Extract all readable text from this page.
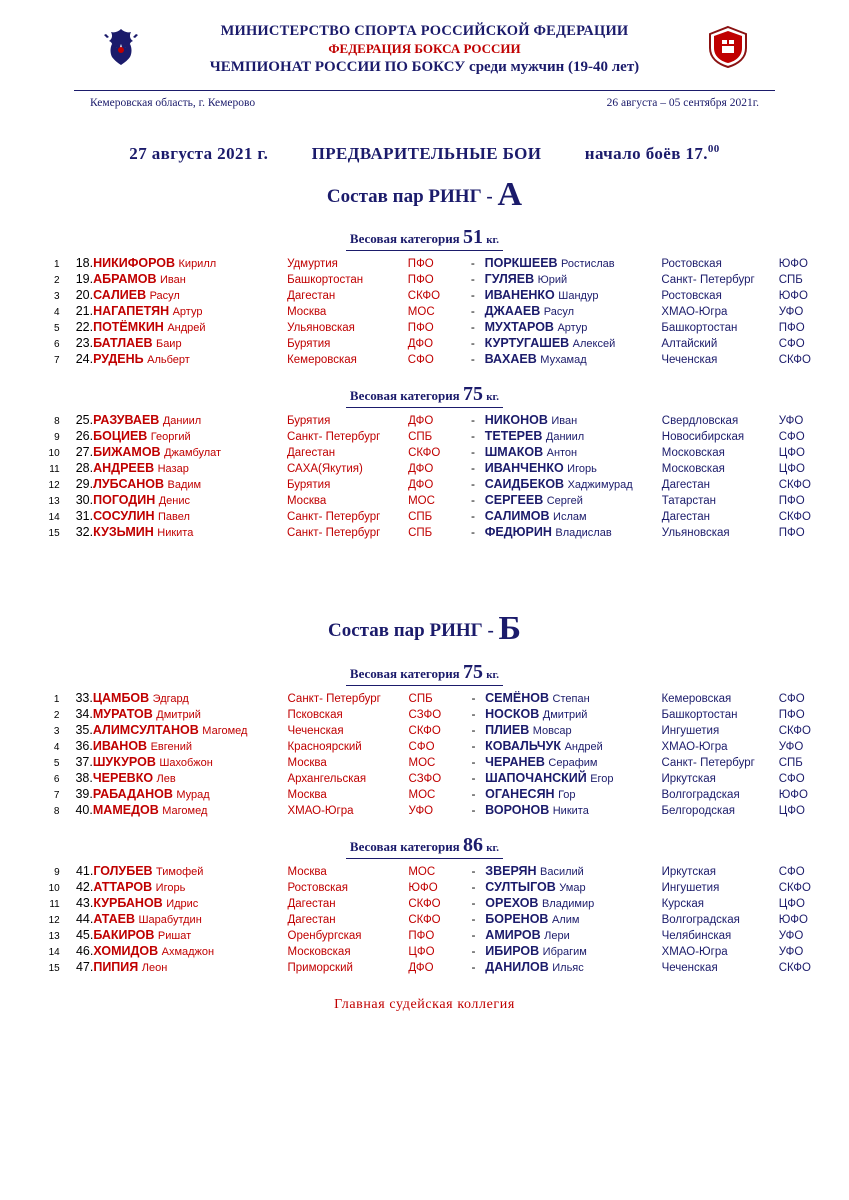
МИНИСТЕРСТВО СПОРТА РОССИЙСКОЙ ФЕДЕРАЦИИ
ФЕДЕРАЦИЯ БОКСА РОССИИ
ЧЕМПИОНАТ РОССИИ ПО БОКСУ среди мужчин (19-40 лет)
Кемеровская область, г. Кемерово	26 августа – 05 сентября 2021г.
27 августа 2021 г.	ПРЕДВАРИТЕЛЬНЫЕ БОИ	начало боёв 17.00
Состав пар РИНГ - А
Весовая категория 51 кг.
1	18.	НИКИФОРОВ Кирилл	Удмуртия	ПФО	-	ПОРКШЕЕВ Ростислав	Ростовская	ЮФО
2	19.	АБРАМОВ Иван	Башкортостан	ПФО	-	ГУЛЯЕВ Юрий	Санкт- Петербург	СПБ
3	20.	САЛИЕВ Расул	Дагестан	СКФО	-	ИВАНЕНКО Шандур	Ростовская	ЮФО
4	21.	НАГАПЕТЯН Артур	Москва	МОС	-	ДЖААЕВ Расул	ХМАО-Югра	УФО
5	22.	ПОТЁМКИН Андрей	Ульяновская	ПФО	-	МУХТАРОВ Артур	Башкортостан	ПФО
6	23.	БАТЛАЕВ Баир	Бурятия	ДФО	-	КУРТУГАШЕВ Алексей	Алтайский	СФО
7	24.	РУДЕНЬ Альберт	Кемеровская	СФО	-	ВАХАЕВ Мухамад	Чеченская	СКФО
Весовая категория 75 кг.
8	25.	РАЗУВАЕВ Даниил	Бурятия	ДФО	-	НИКОНОВ Иван	Свердловская	УФО
9	26.	БОЦИЕВ Георгий	Санкт- Петербург	СПБ	-	ТЕТЕРЕВ Даниил	Новосибирская	СФО
10	27.	БИЖАМОВ Джамбулат	Дагестан	СКФО	-	ШМАКОВ Антон	Московская	ЦФО
11	28.	АНДРЕЕВ Назар	САХА(Якутия)	ДФО	-	ИВАНЧЕНКО Игорь	Московская	ЦФО
12	29.	ЛУБСАНОВ Вадим	Бурятия	ДФО	-	САИДБЕКОВ Хаджимурад	Дагестан	СКФО
13	30.	ПОГОДИН Денис	Москва	МОС	-	СЕРГЕЕВ Сергей	Татарстан	ПФО
14	31.	СОСУЛИН Павел	Санкт- Петербург	СПБ	-	САЛИМОВ Ислам	Дагестан	СКФО
15	32.	КУЗЬМИН Никита	Санкт- Петербург	СПБ	-	ФЕДЮРИН Владислав	Ульяновская	ПФО
Состав пар РИНГ - Б
Весовая категория 75 кг.
1	33.	ЦАМБОВ Эдгард	Санкт- Петербург	СПБ	-	СЕМЁНОВ Степан	Кемеровская	СФО
2	34.	МУРАТОВ Дмитрий	Псковская	СЗФО	-	НОСКОВ Дмитрий	Башкортостан	ПФО
3	35.	АЛИМСУЛТАНОВ Магомед	Чеченская	СКФО	-	ПЛИЕВ Мовсар	Ингушетия	СКФО
4	36.	ИВАНОВ Евгений	Красноярский	СФО	-	КОВАЛЬЧУК Андрей	ХМАО-Югра	УФО
5	37.	ШУКУРОВ Шахобжон	Москва	МОС	-	ЧЕРАНЕВ Серафим	Санкт- Петербург	СПБ
6	38.	ЧЕРЕВКО Лев	Архангельская	СЗФО	-	ШАПОЧАНСКИЙ Егор	Иркутская	СФО
7	39.	РАБАДАНОВ Мурад	Москва	МОС	-	ОГАНЕСЯН Гор	Волгоградская	ЮФО
8	40.	МАМЕДОВ Магомед	ХМАО-Югра	УФО	-	ВОРОНОВ Никита	Белгородская	ЦФО
Весовая категория 86 кг.
9	41.	ГОЛУБЕВ Тимофей	Москва	МОС	-	ЗВЕРЯН Василий	Иркутская	СФО
10	42.	АТТАРОВ Игорь	Ростовская	ЮФО	-	СУЛТЫГОВ Умар	Ингушетия	СКФО
11	43.	КУРБАНОВ Идрис	Дагестан	СКФО	-	ОРЕХОВ Владимир	Курская	ЦФО
12	44.	АТАЕВ Шарабутдин	Дагестан	СКФО	-	БОРЕНОВ Алим	Волгоградская	ЮФО
13	45.	БАКИРОВ Ришат	Оренбургская	ПФО	-	АМИРОВ Лери	Челябинская	УФО
14	46.	ХОМИДОВ Ахмаджон	Московская	ЦФО	-	ИБИРОВ Ибрагим	ХМАО-Югра	УФО
15	47.	ПИПИЯ Леон	Приморский	ДФО	-	ДАНИЛОВ Ильяс	Чеченская	СКФО
Главная судейская коллегия
